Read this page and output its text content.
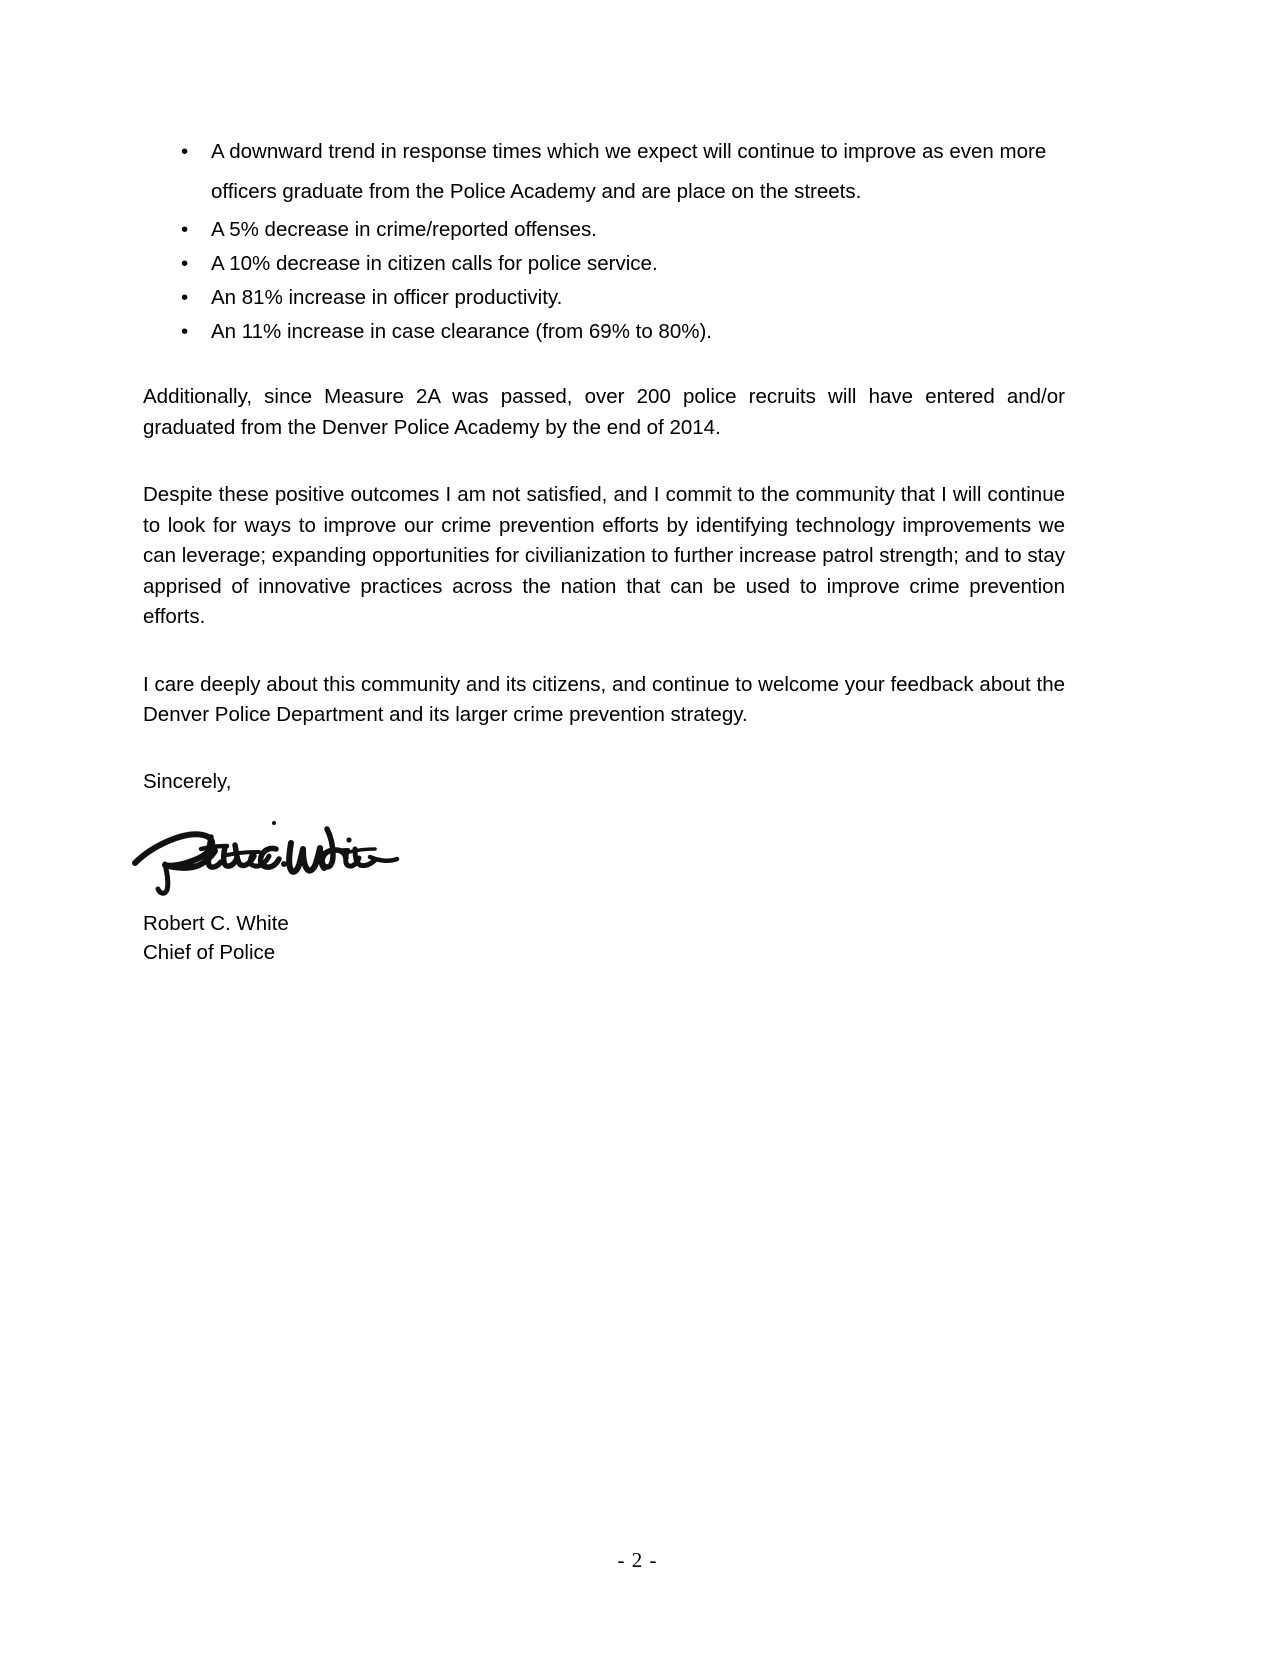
• A downward trend in response times which we expect will continue to improve as even more officers graduate from the Police Academy and are place on the streets.
• A 5% decrease in crime/reported offenses.
• A 10% decrease in citizen calls for police service.
• An 81% increase in officer productivity.
• An 11% increase in case clearance (from 69% to 80%).

Additionally, since Measure 2A was passed, over 200 police recruits will have entered and/or graduated from the Denver Police Academy by the end of 2014.

Despite these positive outcomes I am not satisfied, and I commit to the community that I will continue to look for ways to improve our crime prevention efforts by identifying technology improvements we can leverage; expanding opportunities for civilianization to further increase patrol strength; and to stay apprised of innovative practices across the nation that can be used to improve crime prevention efforts.

I care deeply about this community and its citizens, and continue to welcome your feedback about the Denver Police Department and its larger crime prevention strategy.

Sincerely,
Robert C. White
Chief of Police
- 2 -
